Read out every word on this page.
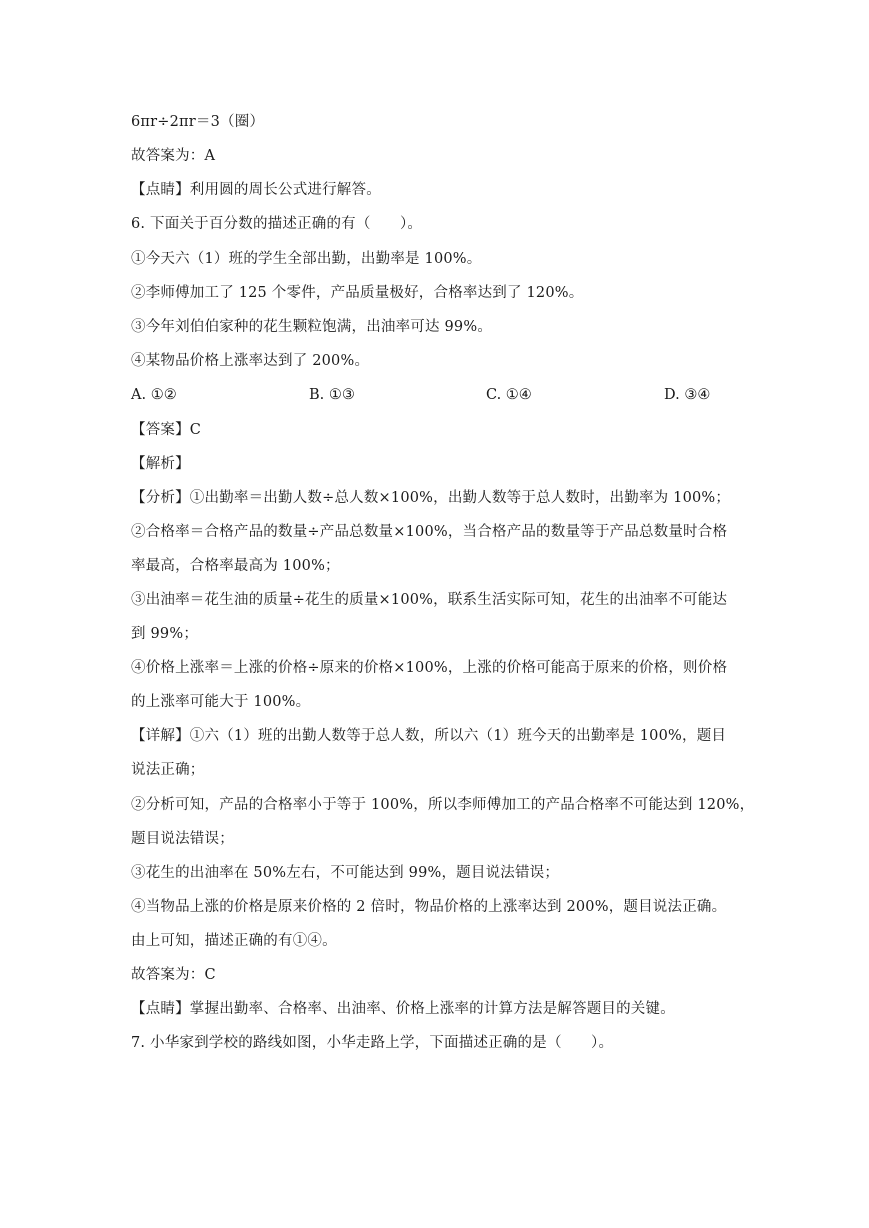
6πr÷2πr＝3（圈）
故答案为：A
【点睛】利用圆的周长公式进行解答。
6. 下面关于百分数的描述正确的有（　　）。
①今天六（1）班的学生全部出勤，出勤率是 100%。
②李师傅加工了 125 个零件，产品质量极好，合格率达到了 120%。
③今年刘伯伯家种的花生颗粒饱满，出油率可达 99%。
④某物品价格上涨率达到了 200%。
A. ①②	B. ①③	C. ①④	D. ③④
【答案】C
【解析】
【分析】①出勤率＝出勤人数÷总人数×100%，出勤人数等于总人数时，出勤率为 100%；
②合格率＝合格产品的数量÷产品总数量×100%，当合格产品的数量等于产品总数量时合格
率最高，合格率最高为 100%；
③出油率＝花生油的质量÷花生的质量×100%，联系生活实际可知，花生的出油率不可能达
到 99%；
④价格上涨率＝上涨的价格÷原来的价格×100%，上涨的价格可能高于原来的价格，则价格
的上涨率可能大于 100%。
【详解】①六（1）班的出勤人数等于总人数，所以六（1）班今天的出勤率是 100%，题目
说法正确；
②分析可知，产品的合格率小于等于 100%，所以李师傅加工的产品合格率不可能达到 120%，
题目说法错误；
③花生的出油率在 50%左右，不可能达到 99%，题目说法错误；
④当物品上涨的价格是原来价格的 2 倍时，物品价格的上涨率达到 200%，题目说法正确。
由上可知，描述正确的有①④。
故答案为：C
【点睛】掌握出勤率、合格率、出油率、价格上涨率的计算方法是解答题目的关键。
7. 小华家到学校的路线如图，小华走路上学，下面描述正确的是（　　）。
